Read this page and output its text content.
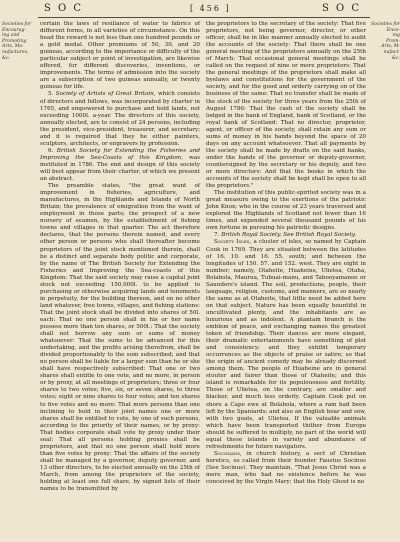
S O C	[ 456 ]	S O C
Societies for
Encourag-
ing and
Promoting
Arts, Ma-
nufactures,
&c.
Societies for
Enco-
ing
Prom-
Arts, M-
nufact-
&c.

certain the laws of resiliance of water to fabrics of different forms, in all varieties of circumstance. On this head the reward is not less than one hundred pounds or a gold medal. Other premiums of 50, 30, and 20 guineas, according to the importance or difficulty of the particular subject or point of investigation, are likewise offered, for different discoveries, inventions, or improvements. The terms of admission into the society are a subscription of two guineas annually, or twenty guineas for life.

5. Society of Artists of Great Britain, which consists of directors and fellows, was incorporated by charter in 1765, and empowered to purchase and hold lands, not exceeding 1000l. a-year. The directors of this society, annually elected, are to consist of 24 persons, including the president, vice-president, treasurer, and secretary; and it is required that they be either painters, sculptors, architects, or engravers by profession.

6. British Society for Extending the Fisheries and Improving the Sea-Coasts of this Kingdom, was instituted in 1786. The end and design of this society will best appear from their charter, of which we present an abstract.

The preamble states, "the great want of improvement in fisheries, agriculture, and manufactures, in the Highlands and Islands of North Britain; the prevalence of emigration from the want of employment in those parts; the prospect of a new nursery of seamen, by the establishment of fishing towns and villages in that quarter. The act therefore declares, that the persons therein named, and every other person or persons who shall thereafter become proprietors of the joint stock mentioned therein, shall be a distinct and separate body politic and corporate, by the name of The British Society for Extending the Fisheries and Improving the Sea-coasts of this Kingdom: That the said society may raise a capital joint stock not exceeding 150,000l. to be applied to purchasing or otherwise acquiring lands and tenements in perpetuity, for the building thereon, and on no other land whatever, free towns, villages, and fishing stations: That the joint stock shall be divided into shares of 50l. each: That no one person shall in his or her name possess more than ten shares, or 500l.: That the society shall not borrow any sum or sums of money whatsoever: That the sums to be advanced for this undertaking, and the profits arising therefrom, shall be divided proportionably to the sum subscribed; and that no person shall be liable for a larger sum than he or she shall have respectively subscribed: That one or two shares shall entitle to one vote, and no more, in person or by proxy, at all meetings of proprietors; three or four shares to two votes; five, six, or seven shares, to three votes; eight or nine shares to four votes; and ten shares to five votes and no more: That more persons than one inclining to hold in their joint names one or more shares shall be entitled to vote, by one of such persons, according to the priority of their names, or by proxy: That bodies corporate shall vote by proxy under their seal: That all persons holding proxies shall be proprietors, and that no one person shall hold more than five votes by proxy: That the affairs of the society shall be managed by a governor, deputy governor, and 13 other directors, to be elected annually on the 25th of March, from among the proprietors of the society, holding at least one full share, by signed lists of their names to be transmitted by

the proprietors to the secretary of the society: That five proprietors, not being governor, director, or other officer, shall be in like manner annually elected to audit the accounts of the society: That there shall be one general meeting of the proprietors annually on the 25th of March: That occasional general meetings shall be called on the request of nine or more proprietors: That the general meetings of the proprietors shall make all byelaws and constitutions for the government of the society, and for the good and orderly carrying on of the business of the same: That no transfer shall be made of the stock of the society for three years from the 25th of August 1786: That the cash of the society shall be lodged in the bank of England, bank of Scotland, or the royal bank of Scotland: That no director, proprietor, agent, or officer of the society, shall retain any sum or sums of money in his hands beyond the space of 20 days on any account whatsoever. That all payments by the society shall be made by drafts on the said banks, under the hands of the governor or deputy-governor, countersigned by the secretary or his deputy, and two or more directors: And that the books in which the accounts of the society shall be kept shall be open to all the proprietors."

The institution of this public-spirited society was in a great measure owing to the exertions of the patriotic John Knox; who in the course of 23 years traversed and explored the Highlands of Scotland not fewer than 16 times, and expended several thousand pounds of his own fortune in pursuing his patriotic designs.

7. British Royal Society. See British Royal Society.

Society Isles, a cluster of isles, so named by Captain Cook in 1769. They are situated between the latitudes of 16. 10. and 16. 55. south; and between the longitudes of 150. 57. and 152. west. They are eight in number; namely, Otaheite, Huaheine, Ulietea, Otaha, Bolabola, Maurua, Tubuai-manu, and Tabooyamanoo or Saunders's island. The soil, productions, people, their language, religion, customs, and manners, are so nearly the same as at Otaheite, that little need be added here on that subject. Nature has been equally bountiful in uncultivated plenty, and the inhabitants are as luxurious and as indolent. A plantain branch is the emblem of peace, and exchanging names the greatest token of friendship. Their dances are more elegant, their dramatic entertainments have something of plot and consistency; and they exhibit temporary occurrences as the objects of praise or satire; so that the origin of ancient comedy may be already discerned among them. The people of Huaheine are in general stouter and fairer than those of Otaheite; and this island is remarkable for its populousness and fertility. Those of Ulietea, on the contrary, are smaller and blacker, and much less orderly. Captain Cook put on shore a Cape ewe at Bolabola, where a ram had been left by the Spaniards; and also an English boar and sow, with two goats, at Ulietea. If the valuable animals which have been transported thither from Europe should be suffered to multiply, no part of the world will equal these islands in variety and abundance of refreshments for future navigators.

Socinians, in church history, a sect of Christian heretics, so called from their founder Faustus Socinus (See Socinus). They maintain, "That Jesus Christ was a mere man, who had no existence before he was conceived by the Virgin Mary; that the Holy Ghost is no
